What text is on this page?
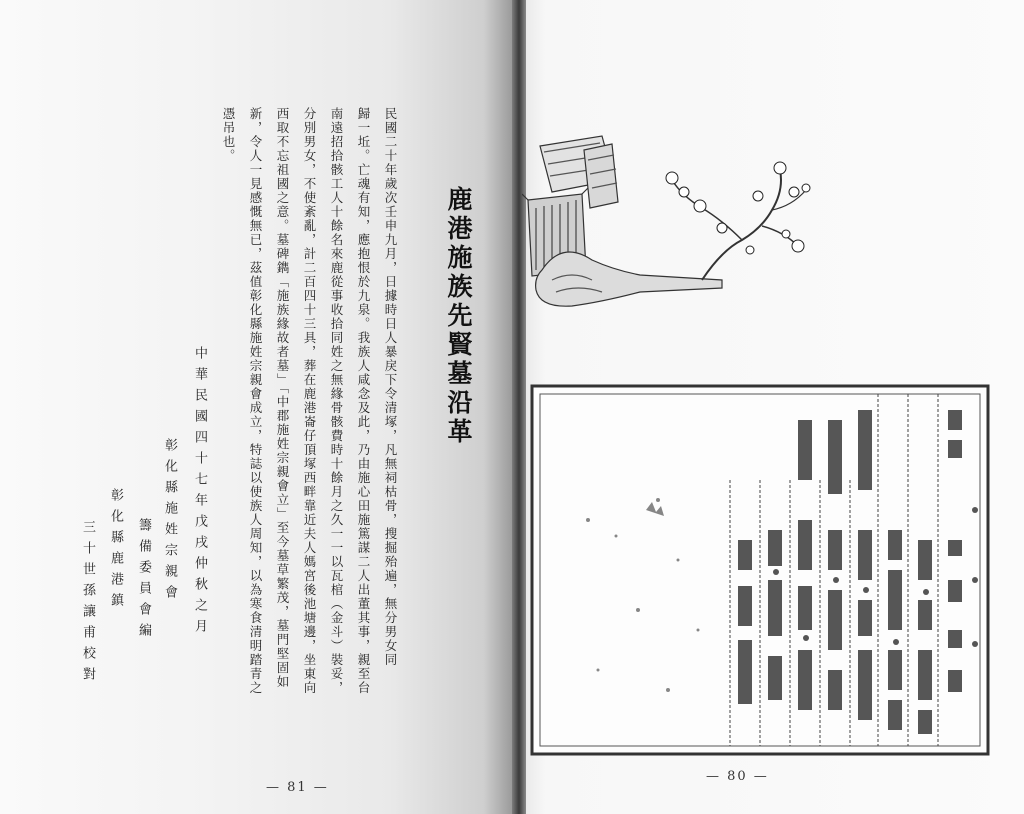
鹿港施族先賢墓沿革

民國二十年歲次壬申九月，日據時日人暴戾下令清塚，凡無祠枯骨，搜掘殆遍，無分男女同
歸一坵。亡魂有知，應抱恨於九泉。我族人咸念及此，乃由施心田施篤謀二人出董其事，親至台
南遠招拾骸工人十餘名來鹿從事收拾同姓之無緣骨骸費時十餘月之久一一以瓦棺（金斗）裝妥，
分別男女，不使紊亂，計二百四十三具，葬在鹿港崙仔頂塚西畔靠近夫人媽宮後池塘邊，坐東向
西取不忘祖國之意。墓碑鐫「施族緣故者墓」「中郡施姓宗親會立」至今墓草繁茂，墓門堅固如
新，令人一見感慨無已，茲值彰化縣施姓宗親會成立，特誌以使族人周知，以為寒食清明踏青之
憑吊也。

中華民國四十七年戊戌仲秋之月
彰化縣施姓宗親會
籌備委員會編
彰化縣鹿港鎮
三十世孫讓甫校對
— 81 —
— 80 —
